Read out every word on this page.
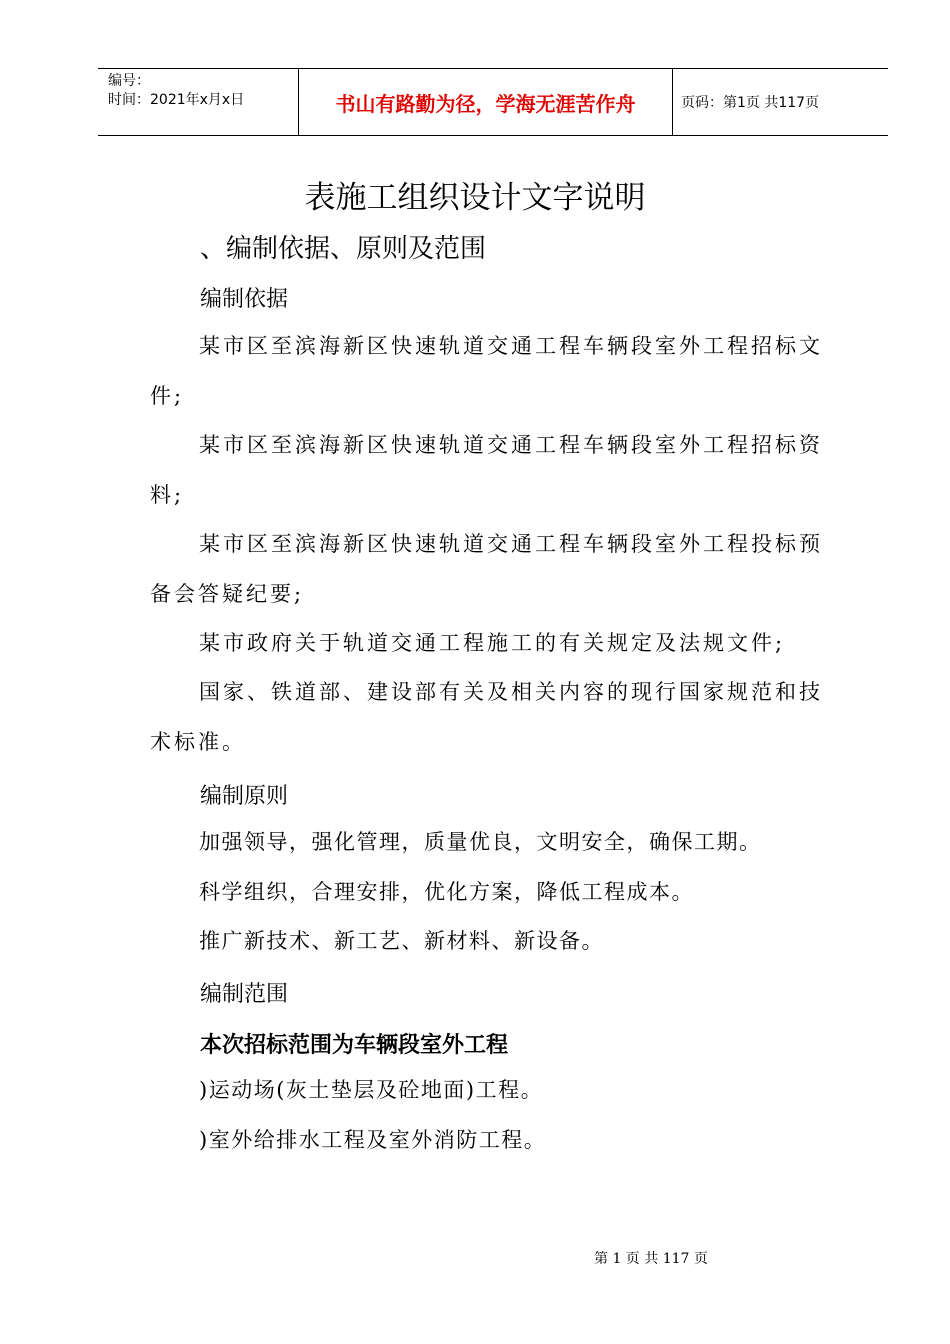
编号：
时间：2021年x月x日	书山有路勤为径，学海无涯苦作舟	页码：第1页 共117页
表施工组织设计文字说明
、编制依据、原则及范围
编制依据

某市区至滨海新区快速轨道交通工程车辆段室外工程招标文件;

某市区至滨海新区快速轨道交通工程车辆段室外工程招标资料;

某市区至滨海新区快速轨道交通工程车辆段室外工程投标预备会答疑纪要;

某市政府关于轨道交通工程施工的有关规定及法规文件;

国家、铁道部、建设部有关及相关内容的现行国家规范和技术标准。

编制原则

加强领导，强化管理，质量优良，文明安全，确保工期。

科学组织，合理安排，优化方案，降低工程成本。

推广新技术、新工艺、新材料、新设备。

编制范围
本次招标范围为车辆段室外工程

)运动场(灰土垫层及砼地面)工程。

)室外给排水工程及室外消防工程。

第 1 页 共 117 页
